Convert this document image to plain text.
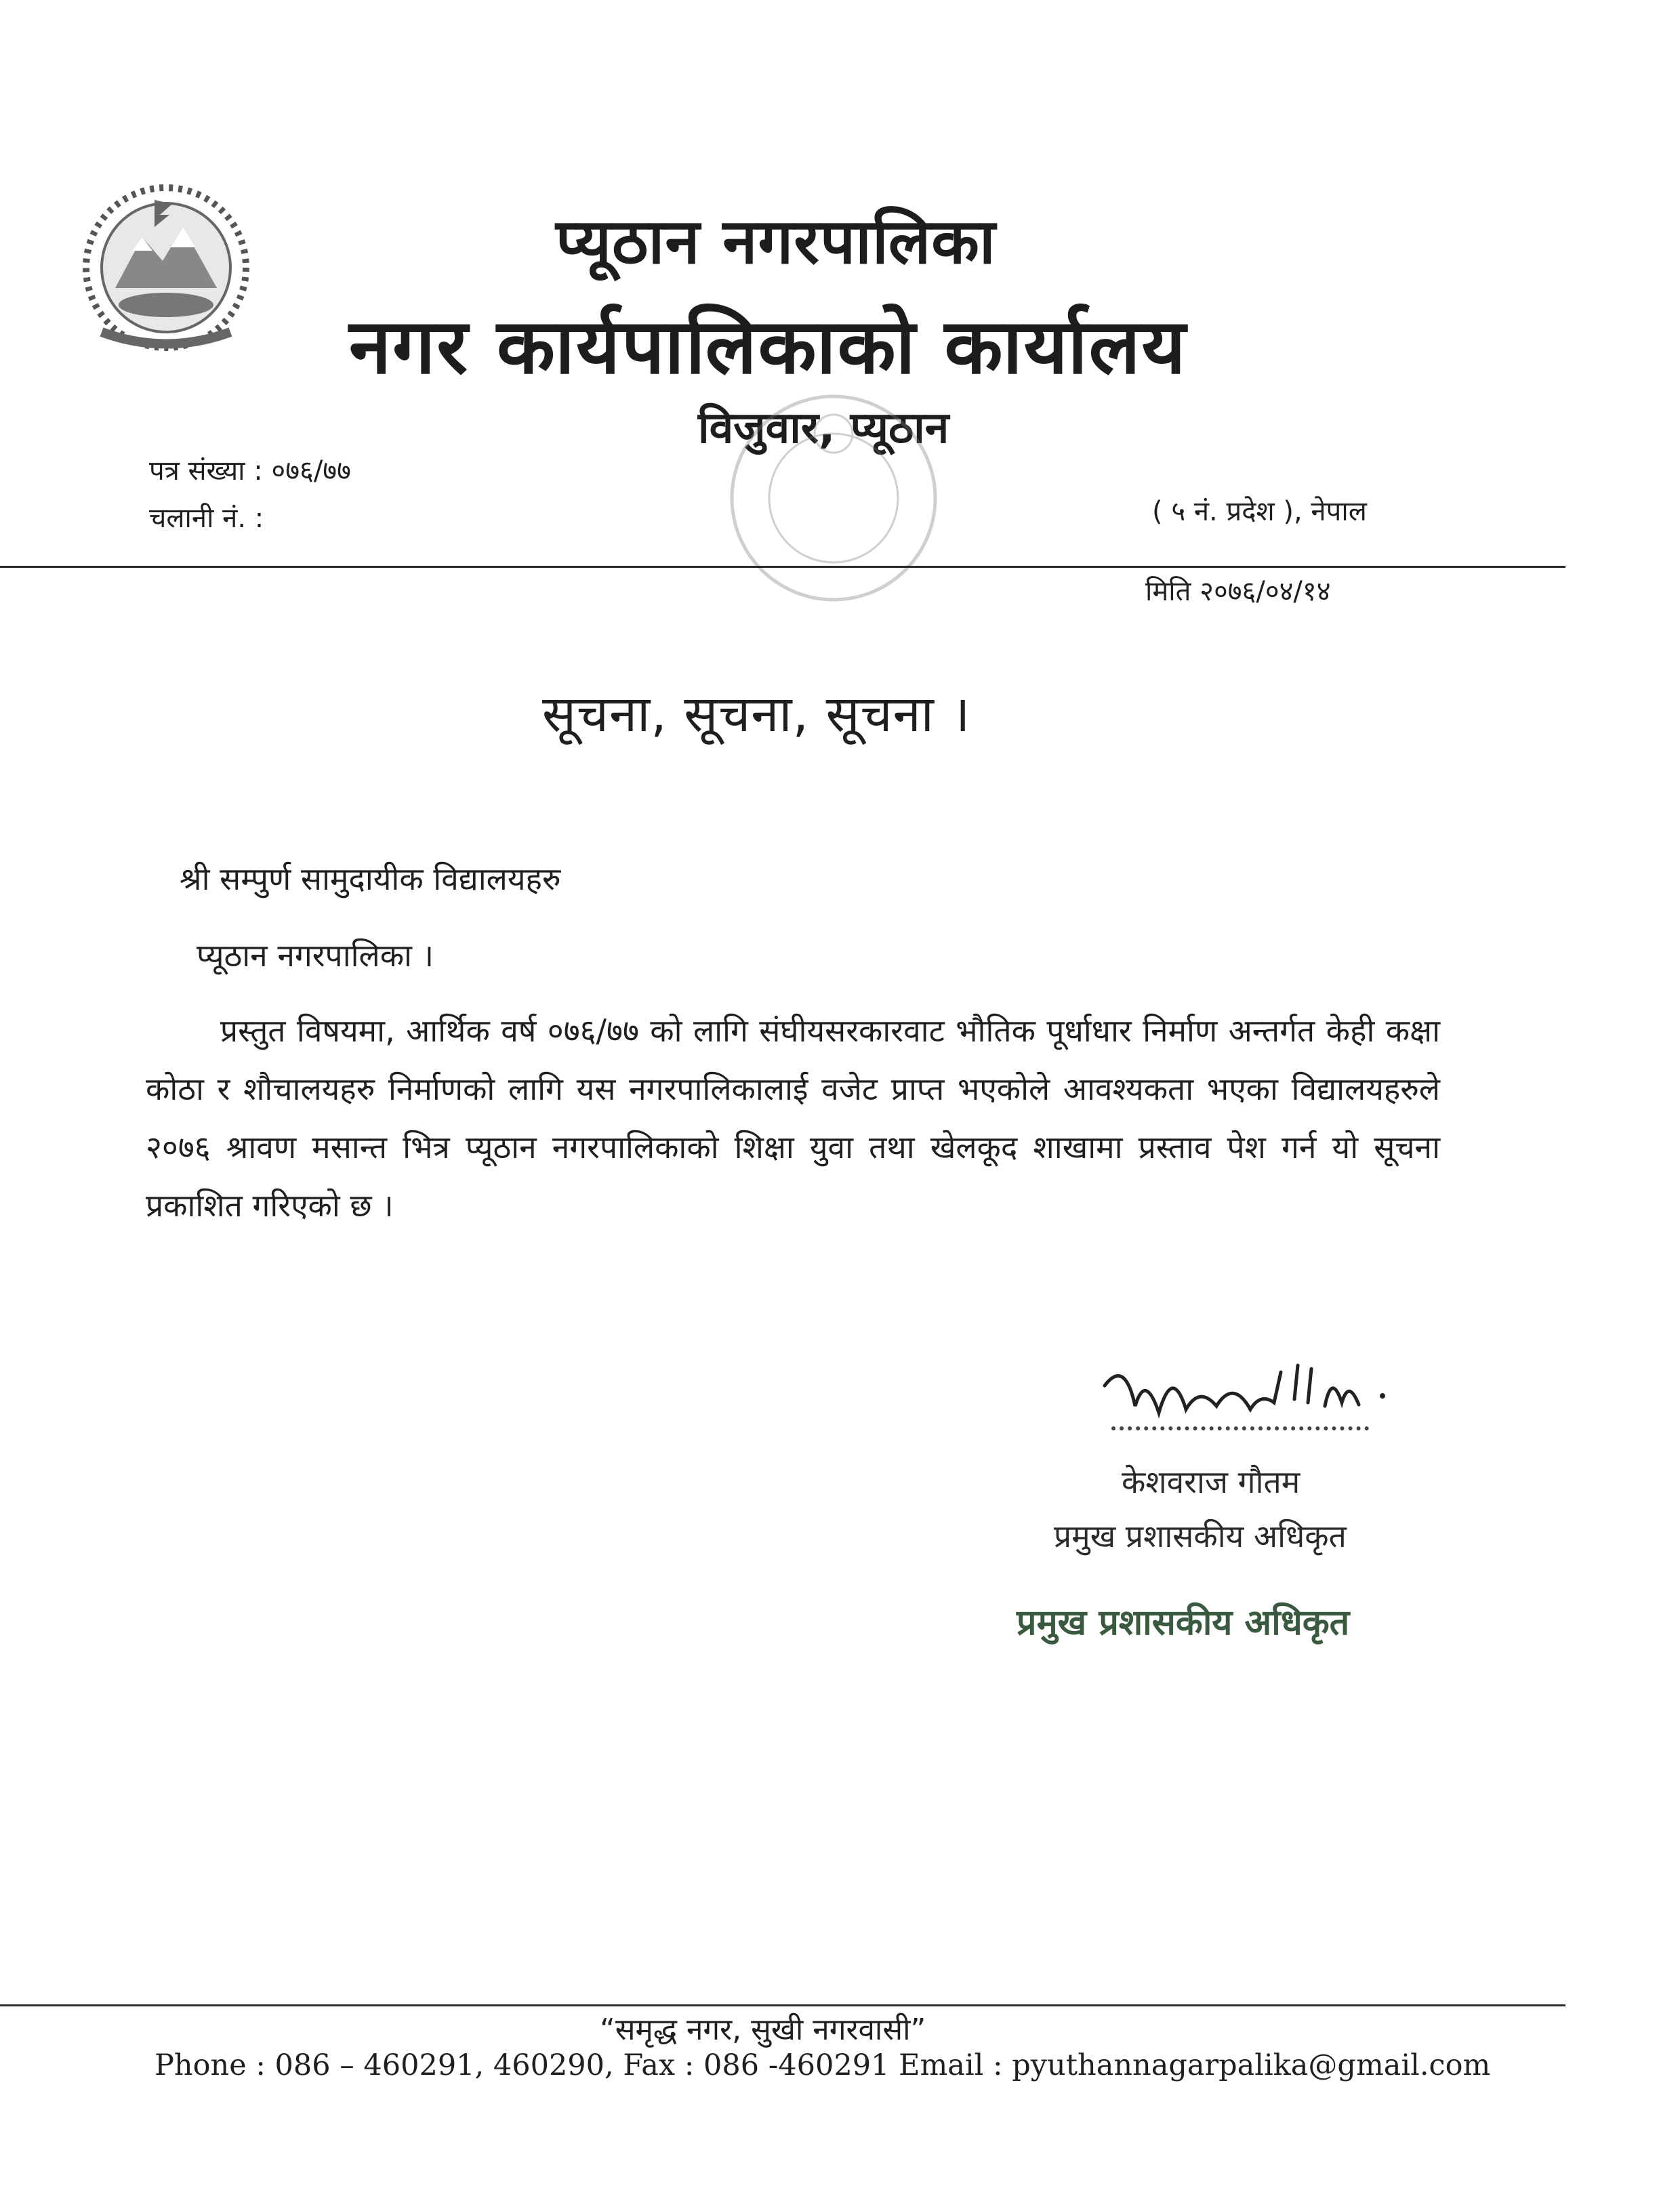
प्यूठान नगरपालिका
नगर कार्यपालिकाको कार्यालय
विजुवार, प्यूठान
पत्र संख्या : ०७६/७७
चलानी नं. :	( ५ नं. प्रदेश ), नेपाल
मिति २०७६/०४/१४
सूचना, सूचना, सूचना ।
श्री सम्पुर्ण सामुदायीक विद्यालयहरु
प्यूठान नगरपालिका ।
प्रस्तुत विषयमा, आर्थिक वर्ष ०७६/७७ को लागि संघीयसरकारवाट भौतिक पूर्धाधार निर्माण अन्तर्गत केही कक्षा कोठा र शौचालयहरु निर्माणको लागि यस नगरपालिकालाई वजेट प्राप्त भएकोले आवश्यकता भएका विद्यालयहरुले २०७६ श्रावण मसान्त भित्र प्यूठान नगरपालिकाको शिक्षा युवा तथा खेलकूद शाखामा प्रस्ताव पेश गर्न यो सूचना प्रकाशित गरिएको छ ।
केशवराज गौतम
प्रमुख प्रशासकीय अधिकृत
प्रमुख प्रशासकीय अधिकृत
“समृद्ध नगर, सुखी नगरवासी”
Phone : 086 – 460291, 460290, Fax : 086 -460291 Email : pyuthannagarpalika@gmail.com
